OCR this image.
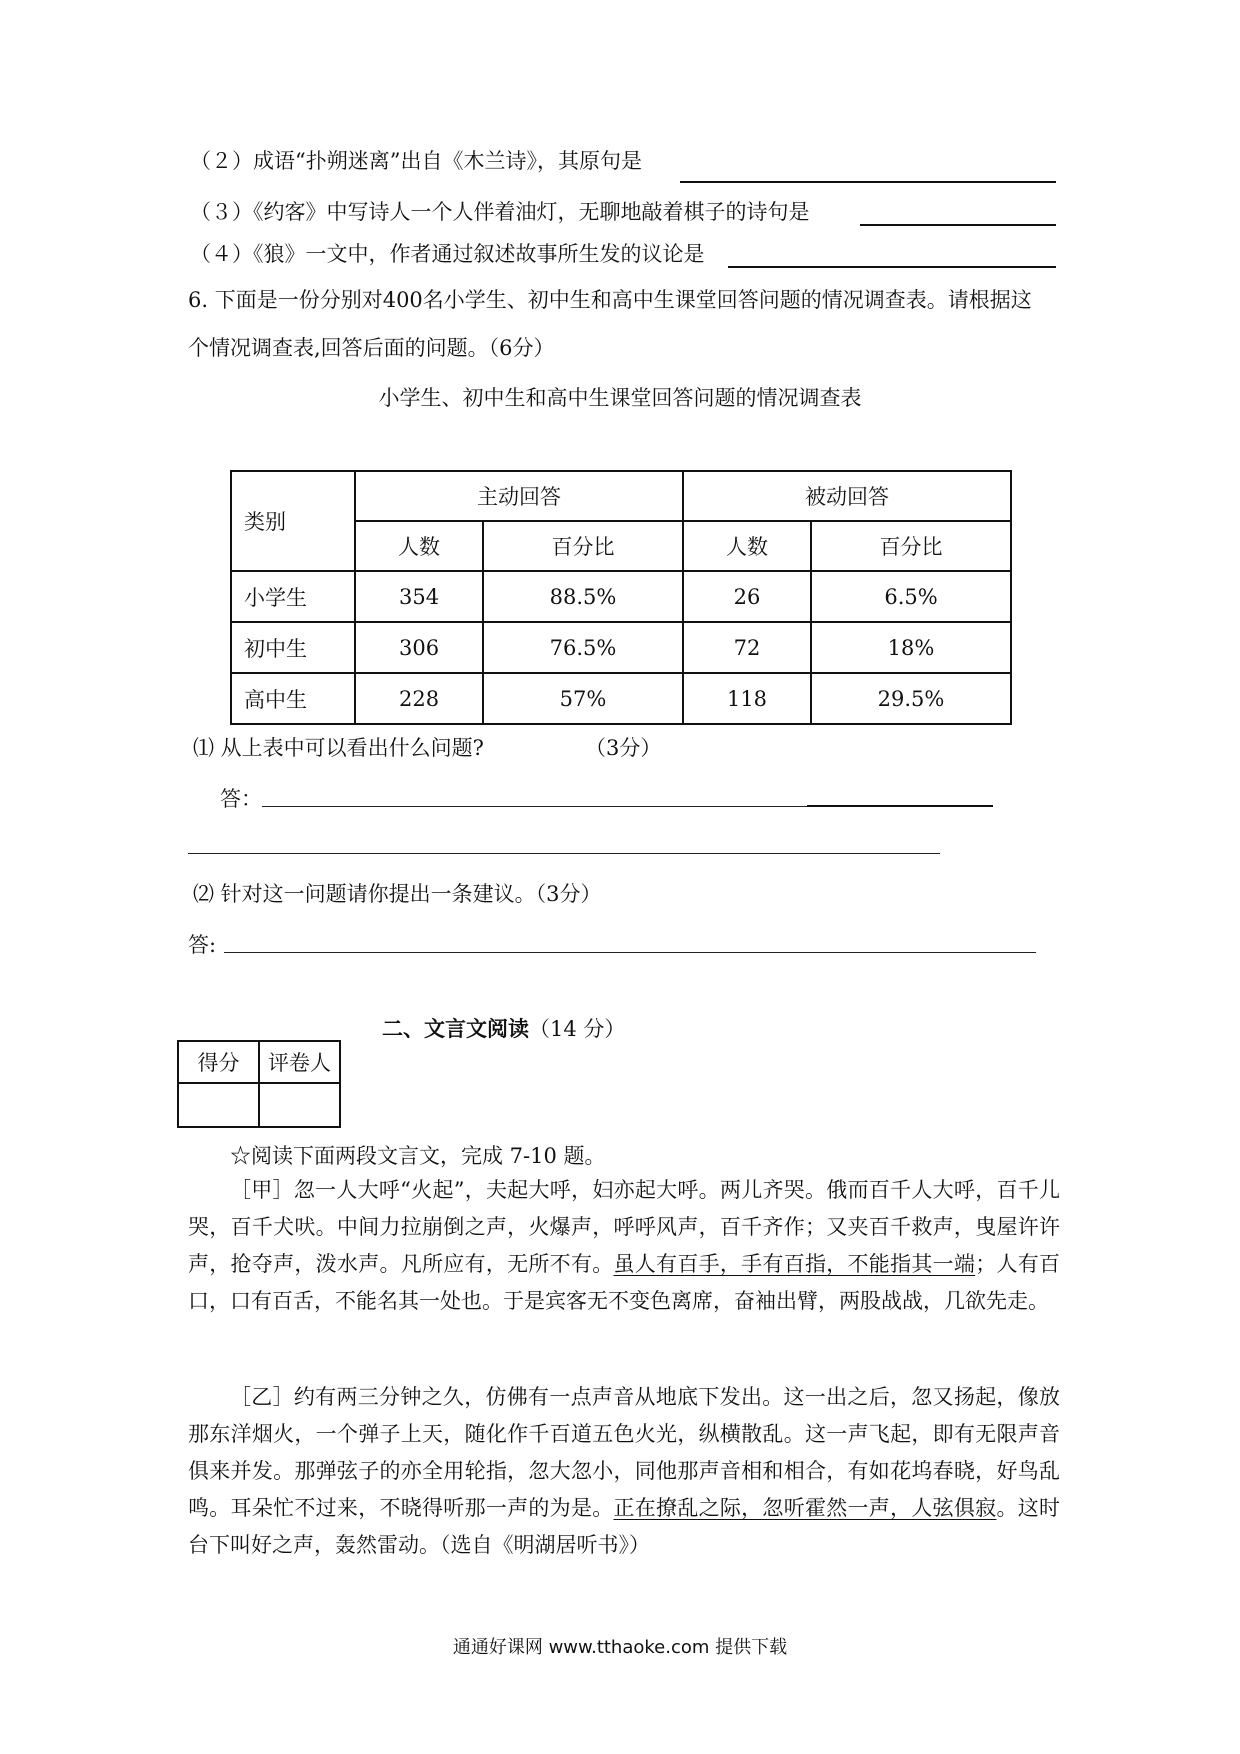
（２）成语“扑朔迷离”出自《木兰诗》，其原句是
（３）《约客》中写诗人一个人伴着油灯，无聊地敲着棋子的诗句是
（４）《狼》一文中，作者通过叙述故事所生发的议论是
6. 下面是一份分别对400名小学生、初中生和高中生课堂回答问题的情况调查表。请根据这
个情况调查表,回答后面的问题。（6分）
小学生、初中生和高中生课堂回答问题的情况调查表
类别	主动回答		被动回答	
	人数	百分比	人数	百分比
小学生	354	88.5%	26	6.5%
初中生	306	76.5%	72	18%
高中生	228	57%	118	29.5%
⑴ 从上表中可以看出什么问题?	（3分）
答：
⑵ 针对这一问题请你提出一条建议。（3分）
答:
二、文言文阅读（14 分）
得分	评卷人

☆阅读下面两段文言文，完成 7-10 题。
［甲］忽一人大呼“火起”，夫起大呼，妇亦起大呼。两儿齐哭。俄而百千人大呼，百千儿哭，百千犬吠。中间力拉崩倒之声，火爆声，呼呼风声，百千齐作；又夹百千救声，曳屋许许声，抢夺声，泼水声。凡所应有，无所不有。虽人有百手，手有百指，不能指其一端；人有百口，口有百舌，不能名其一处也。于是宾客无不变色离席，奋袖出臂，两股战战，几欲先走。
［乙］约有两三分钟之久，仿佛有一点声音从地底下发出。这一出之后，忽又扬起，像放那东洋烟火，一个弹子上天，随化作千百道五色火光，纵横散乱。这一声飞起，即有无限声音俱来并发。那弹弦子的亦全用轮指，忽大忽小，同他那声音相和相合，有如花坞春晓，好鸟乱鸣。耳朵忙不过来，不晓得听那一声的为是。正在撩乱之际，忽听霍然一声，人弦俱寂。这时台下叫好之声，轰然雷动。（选自《明湖居听书》）
通通好课网 www.tthaoke.com 提供下载
